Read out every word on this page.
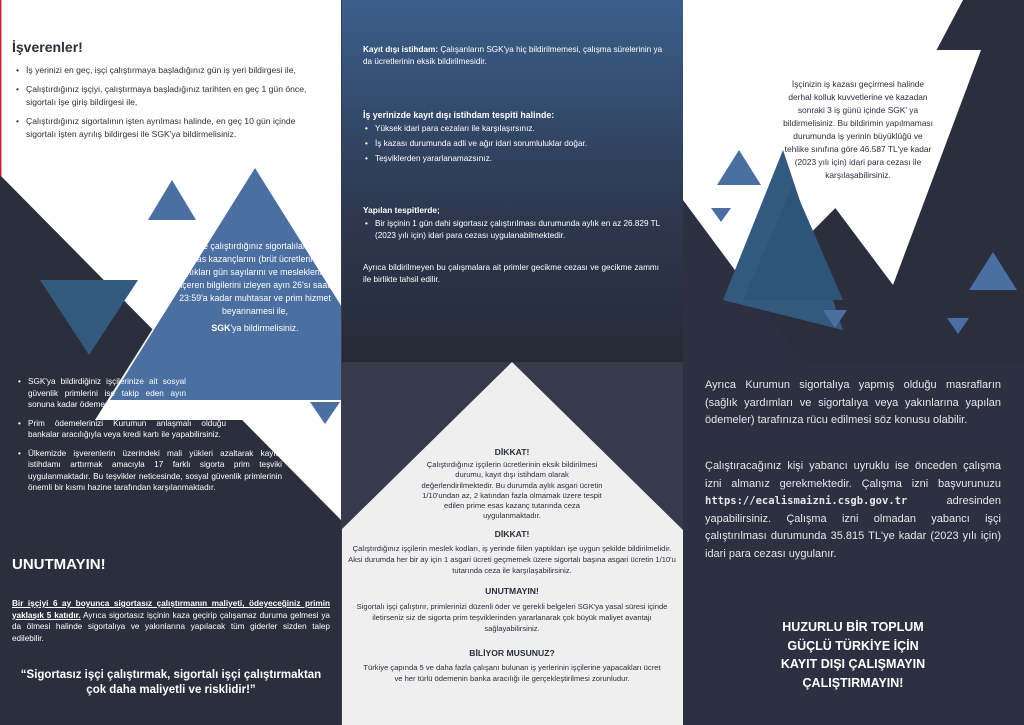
İşverenler!
• İş yerinizi en geç, işçi çalıştırmaya başladığınız gün iş yeri bildirgesi ile,
• Çalıştırdığınız işçiyi, çalıştırmaya başladığınız tarihten en geç 1 gün önce, sigortalı işe giriş bildirgesi ile,
• Çalıştırdığınız sigortalının işten ayrılması halinde, en geç 10 gün içinde sigortalı işten ayrılış bildirgesi ile SGK'ya bildirmelisiniz.
Ay içinde çalıştırdığınız sigortalıların prime esas kazançlarını (brüt ücretlerini), çalıştıkları gün sayılarını ve mesleklerini de içeren bilgilerini izleyen ayın 26'sı saat 23:59'a kadar muhtasar ve prim hizmet beyannamesi ile,
SGK'ya bildirmelisiniz.
• SGK'ya bildirdiğiniz işçilerinize ait sosyal güvenlik primlerini ise takip eden ayın sonuna kadar ödemeniz gerekmektedir.
• Prim ödemelerinizi Kurumun anlaşmalı olduğu bankalar aracılığıyla veya kredi kartı ile yapabilirsiniz.
• Ülkemizde işverenlerin üzerindeki mali yükleri azaltarak kayıtlı istihdamı arttırmak amacıyla 17 farklı sigorta prim teşviki uygulanmaktadır. Bu teşvikler neticesinde, sosyal güvenlik primlerinin önemli bir kısmı hazine tarafından karşılanmaktadır.
UNUTMAYIN!
Bir işçiyi 6 ay boyunca sigortasız çalıştırmanın maliyeti, ödeyeceğiniz primin yaklaşık 5 katıdır. Ayrıca sigortasız işçinin kaza geçirip çalışamaz duruma gelmesi ya da ölmesi halinde sigortalıya ve yakınlarına yapılacak tüm giderler sizden talep edilebilir.
“Sigortasız işçi çalıştırmak, sigortalı işçi çalıştırmaktan çok daha maliyetli ve risklidir!”
Kayıt dışı istihdam: Çalışanların SGK'ya hiç bildirilmemesi, çalışma sürelerinin ya da ücretlerinin eksik bildirilmesidir.
İş yerinizde kayıt dışı istihdam tespiti halinde:
• Yüksek idari para cezaları ile karşılaşırsınız.
• İş kazası durumunda adli ve ağır idari sorumluluklar doğar.
• Teşviklerden yararlanamazsınız.
Yapılan tespitlerde;
• Bir işçinin 1 gün dahi sigortasız çalıştırılması durumunda aylık en az 26.829 TL (2023 yılı için) idari para cezası uygulanabilmektedir.
Ayrıca bildirilmeyen bu çalışmalara ait primler gecikme cezası ve gecikme zammı ile birlikte tahsil edilir.
DİKKAT!
Çalıştırdığınız işçilerin ücretlerinin eksik bildirilmesi durumu, kayıt dışı istihdam olarak değerlendirilmektedir. Bu durumda aylık asgari ücretin 1/10'undan az, 2 katından fazla olmamak üzere tespit edilen prime esas kazanç tutarında ceza uygulanmaktadır.
DİKKAT!
Çalıştırdığınız işçilerin meslek kodları, iş yerinde fiilen yaptıkları işe uygun şekilde bildirilmelidir. Aksi durumda her bir ay için 1 asgari ücreti geçmemek üzere sigortalı başına asgari ücretin 1/10'u tutarında ceza ile karşılaşabilirsiniz.
UNUTMAYIN!
Sigortalı işçi çalıştırır, primlerinizi düzenli öder ve gerekli belgeleri SGK'ya yasal süresi içinde iletirseniz siz de sigorta prim teşviklerinden yararlanarak çok büyük maliyet avantajı sağlayabilirsiniz.
BİLİYOR MUSUNUZ?
Türkiye çapında 5 ve daha fazla çalışanı bulunan iş yerlerinin işçilerine yapacakları ücret ve her türlü ödemenin banka aracılığı ile gerçekleştirilmesi zorunludur.
İşçinizin iş kazası geçirmesi halinde derhal kolluk kuvvetlerine ve kazadan sonraki 3 iş günü içinde SGK' ya bildirmelisiniz. Bu bildirimin yapılmaması durumunda iş yerinin büyüklüğü ve tehlike sınıfına göre 46.587 TL'ye kadar (2023 yılı için) idari para cezası ile karşılaşabilirsiniz.
Ayrıca Kurumun sigortalıya yapmış olduğu masrafların (sağlık yardımları ve sigortalıya veya yakınlarına yapılan ödemeler) tarafınıza rücu edilmesi söz konusu olabilir.
Çalıştıracağınız kişi yabancı uyruklu ise önceden çalışma izni almanız gerekmektedir. Çalışma izni başvurunuzu https://ecalismaizni.csgb.gov.tr adresinden yapabilirsiniz. Çalışma izni olmadan yabancı işçi çalıştırılması durumunda 35.815 TL'ye kadar (2023 yılı için) idari para cezası uygulanır.
HUZURLU BİR TOPLUM
GÜÇLÜ TÜRKİYE İÇİN
KAYIT DIŞI ÇALIŞMAYIN
ÇALIŞTIRMAYIN!
